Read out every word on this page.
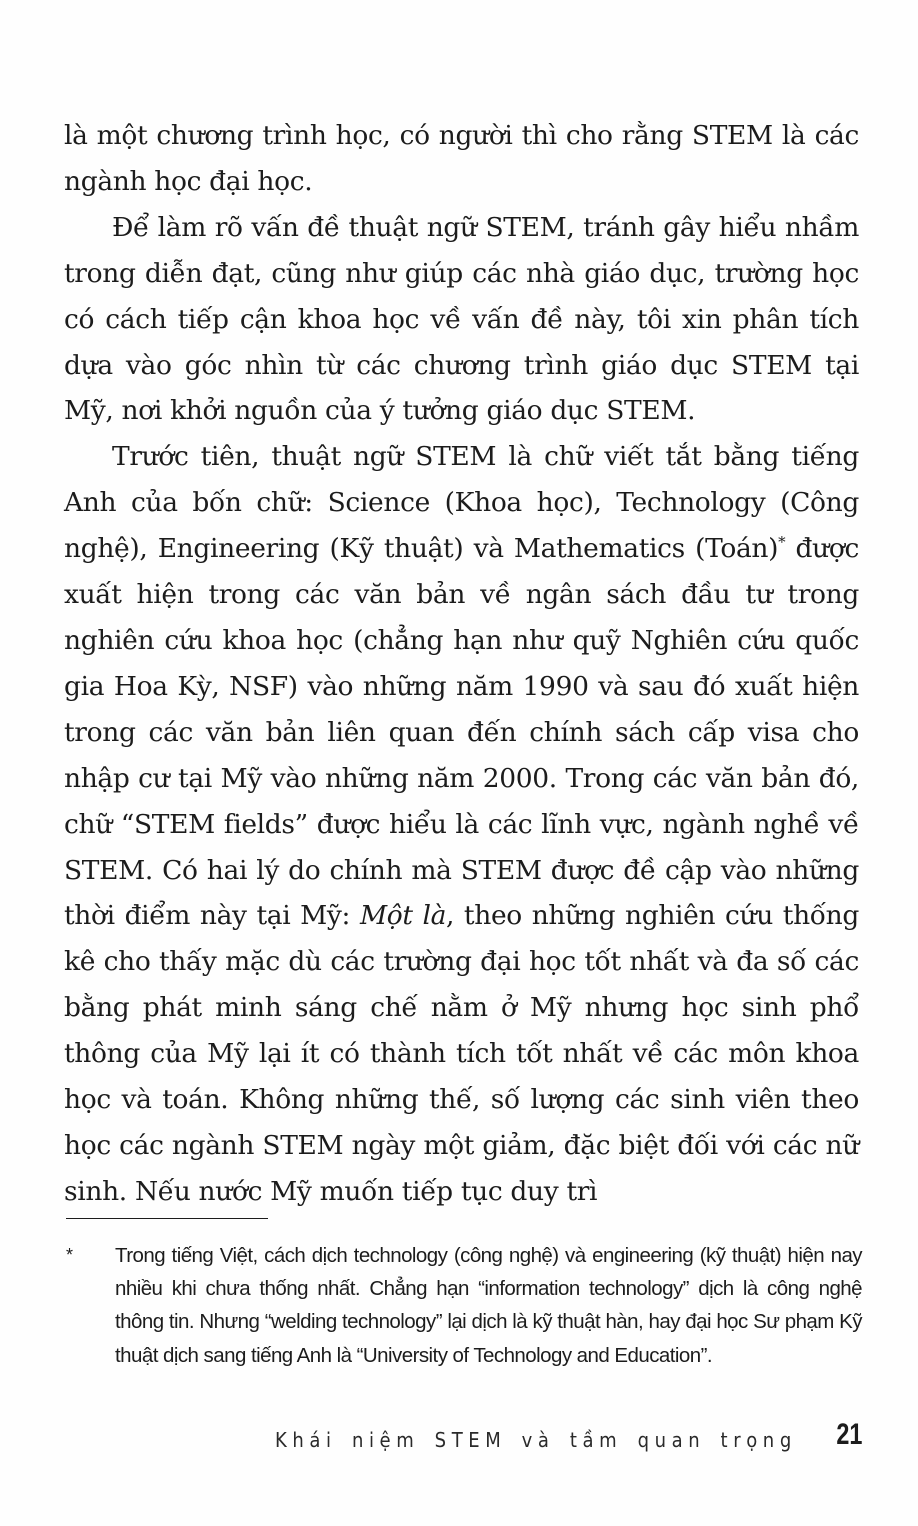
là một chương trình học, có người thì cho rằng STEM là các ngành học đại học.

Để làm rõ vấn đề thuật ngữ STEM, tránh gây hiểu nhầm trong diễn đạt, cũng như giúp các nhà giáo dục, trường học có cách tiếp cận khoa học về vấn đề này, tôi xin phân tích dựa vào góc nhìn từ các chương trình giáo dục STEM tại Mỹ, nơi khởi nguồn của ý tưởng giáo dục STEM.

Trước tiên, thuật ngữ STEM là chữ viết tắt bằng tiếng Anh của bốn chữ: Science (Khoa học), Technology (Công nghệ), Engineering (Kỹ thuật) và Mathematics (Toán)* được xuất hiện trong các văn bản về ngân sách đầu tư trong nghiên cứu khoa học (chẳng hạn như quỹ Nghiên cứu quốc gia Hoa Kỳ, NSF) vào những năm 1990 và sau đó xuất hiện trong các văn bản liên quan đến chính sách cấp visa cho nhập cư tại Mỹ vào những năm 2000. Trong các văn bản đó, chữ “STEM fields” được hiểu là các lĩnh vực, ngành nghề về STEM. Có hai lý do chính mà STEM được đề cập vào những thời điểm này tại Mỹ: Một là, theo những nghiên cứu thống kê cho thấy mặc dù các trường đại học tốt nhất và đa số các bằng phát minh sáng chế nằm ở Mỹ nhưng học sinh phổ thông của Mỹ lại ít có thành tích tốt nhất về các môn khoa học và toán. Không những thế, số lượng các sinh viên theo học các ngành STEM ngày một giảm, đặc biệt đối với các nữ sinh. Nếu nước Mỹ muốn tiếp tục duy trì

* Trong tiếng Việt, cách dịch technology (công nghệ) và engineering (kỹ thuật) hiện nay nhiều khi chưa thống nhất. Chẳng hạn “information technology” dịch là công nghệ thông tin. Nhưng “welding technology” lại dịch là kỹ thuật hàn, hay đại học Sư phạm Kỹ thuật dịch sang tiếng Anh là “University of Technology and Education”.
Khái niệm STEM và tầm quan trọng 21
